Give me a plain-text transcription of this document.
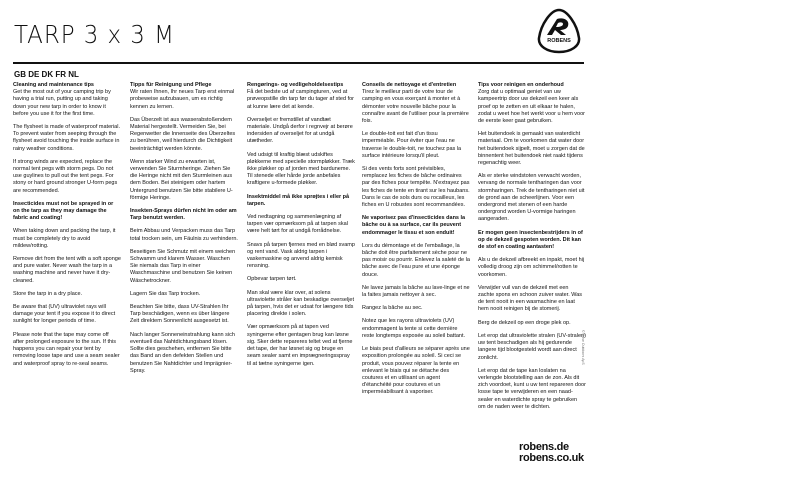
TARP 3 x 3 M
GB DE DK FR NL
ROBENS
Cleaning and maintenance tips

Get the most out of your camping trip by having a trial run, putting up and taking down your new tarp in order to know it before you use it for the first time.

The flysheet is made of waterproof material. To prevent water from seeping through the flysheet avoid touching the inside surface in rainy weather conditions.

If strong winds are expected, replace the normal tent pegs with storm pegs. Do not use guylines to pull out the tent pegs. For stony or hard ground stronger U-form pegs are recommended.

Insecticides must not be sprayed in or on the tarp as they may damage the fabric and coating!

When taking down and packing the tarp, it must be completely dry to avoid mildew/rotting.

Remove dirt from the tent with a soft sponge and pure water. Never wash the tarp in a washing machine and never have it dry-cleaned.

Store the tarp in a dry place.

Be aware that (UV) ultraviolet rays will damage your tent if you expose it to direct sunlight for longer periods of time.

Please note that the tape may come off after prolonged exposure to the sun. If this happens you can repair your tent by removing loose tape and use a seam sealer and waterproof spray to re-seal seams.

Tipps für Reinigung und Pflege

Wir raten Ihnen, Ihr neues Tarp erst einmal probeweise aufzubauen, um es richtig kennen zu lernen.

Das Überzelt ist aus wasserabstoßendem Material hergestellt. Vermeiden Sie, bei Regenwetter die Innenseite des Überzeltes zu berühren, weil hierdurch die Dichtigkeit beeinträchtigt werden könnte.

Wenn starker Wind zu erwarten ist, verwenden Sie Sturmheringe. Ziehen Sie die Heringe nicht mit den Sturmleinen aus dem Boden. Bei steinigem oder hartem Untergrund benutzen Sie bitte stabilere U-förmige Heringe.

Insekten-Sprays dürfen nicht im oder am Tarp benutzt werden.

Beim Abbau und Verpacken muss das Tarp total trocken sein, um Fäulnis zu verhindern.

Beseitigen Sie Schmutz mit einem weichen Schwamm und klarem Wasser. Waschen Sie niemals das Tarp in einer Waschmaschine und benutzen Sie keinen Wäschetrockner.

Lagern Sie das Tarp trocken.

Beachten Sie bitte, dass UV-Strahlen Ihr Tarp beschädigen, wenn es über längere Zeit direktem Sonnenlicht ausgesetzt ist.

Nach langer Sonneneinstrahlung kann sich eventuell das Nahtdichtungsband lösen. Sollte dies geschehen, entfernen Sie bitte das Band an den defekten Stellen und benutzen Sie Nahtdichter und Imprägnier-Spray.

Rengørings- og vedligeholdelsestips

Få det bedste ud af campingturen, ved at prøveopstille din tarp før du tager af sted for at kunne lære det at kende.

Overseljet er fremstillet af vandtæt materiale. Undgå derfor i regnvejr at berøre indersiden af overseljet for at undgå utætheder.

Ved udsigt til kraftig blæst udskiftes pløkkerne med specielle stormpløkker. Træk ikke pløkker op af jorden med barduneme. Til stenede eller hårde jorde anbefales kraftigere u-formede pløkker.

Insektmiddel må ikke sprøjtes i eller på tarpen.

Ved nedtagning og sammenlægning af tarpen vær opmærksom på at tarpen skal være helt tørt for at undgå forrådnelse.

Snavs på tarpen fjernes med en blød svamp og rent vand. Vask aldrig tarpen i vaskemaskine og anvend aldrig kemisk rensning.

Opbevar tarpen tørt.

Man skal være klar over, at solens ultraviolette stråler kan beskadige overseljet på tarpen, hvis det er udsat for længere tids placering direkte i solen.

Vær opmærksom på at tapen ved syningerne efter gentagen brug kan løsne sig. Sker dette repareres teltet ved at fjerne det tape, der har løsnet sig og bruge en seam sealer samt en imprægneringsspray til at tætne syningerne igen.

Conseils de nettoyage et d'entretien

Tirez le meilleur parti de votre tour de camping en vous exerçant à monter et à démonter votre nouvelle bâche pour la connaître avant de l'utiliser pour la première fois.

Le double-toit est fait d'un tissu imperméable. Pour éviter que l'eau ne traverse le double-toit, ne touchez pas la surface intérieure lorsqu'il pleut.

Si des vents forts sont prévisibles, remplacez les fiches de bâche ordinaires par des fiches pour tempête. N'extrayez pas les fiches de tente en tirant sur les haubans. Dans le cas de sols durs ou rocailleux, les fiches en U robustes sont recommandées.

Ne vaporisez pas d'insecticides dans la bâche ou à sa surface, car ils peuvent endommager le tissu et son enduit!

Lors du démontage et de l'emballage, la bâche doit être parfaitement sèche pour ne pas moisir ou pourrir. Enlevez la saleté de la bâche avec de l'eau pure et une éponge douce.

Ne lavez jamais la bâche au lave-linge et ne la faites jamais nettoyer à sec.

Rangez la bâche au sec.

Notez que les rayons ultraviolets (UV) endommagent la tente si cette dernière reste longtemps exposée au soleil battant.

Le biais peut d'ailleurs se séparer après une exposition prolongée au soleil. Si ceci se produit, vous pouvez réparer la tente en enlevant le biais qui se détache des coutures et en utilisant un agent d'étanchéité pour coutures et un imperméabilisant à vaporiser.

Tips voor reinigen en onderhoud

Zorg dat u optimaal geniet van uw kampeertrip door uw dekzeil een keer als proef op te zetten en uit elkaar te halen, zodat u weet hoe het werkt voor u hem voor de eerste keer gaat gebruiken.

Het buitendoek is gemaakt van waterdicht materiaal. Om te voorkomen dat water door het buitendoek sijpelt, moet u zorgen dat de binnentent het buitendoek niet raakt tijdens regenachtig weer.

Als er sterke windstoten verwacht worden, vervang de normale tentharingen dan voor stormharingen. Trek de tentharingen niet uit de grond aan de scheerlijnen. Voor een ondergrond met stenen of een harde ondergrond worden U-vormige haringen aangeraden.

Er mogen geen insectenbestrijders in of op de dekzeil gespoten worden. Dit kan de stof en coating aantasten!

Als u de dekzeil afbreekt en inpakt, moet hij volledig droog zijn om schimmel/rotten te voorkomen.

Verwijder vuil van de dekzeil met een zachte spons en schoon zuiver water. Was de tent nooit in een wasmachine en laat hem nooit reinigen bij de stomerij.

Berg de dekzeil op een droge plek op.

Let erop dat ultraviolette stralen (UV-stralen) uw tent beschadigen als hij gedurende langere tijd blootgesteld wordt aan direct zonlicht.

Let erop dat de tape kan loslaten na verlengde blootstelling aan de zon. Als dit zich voordoet, kunt u uw tent repareren door losse tape te verwijderen en een naad-sealer en waterdichte spray te gebruiken om de naden weer te dichten.

© Oase Outdoors ApS
robens.de
robens.co.uk
